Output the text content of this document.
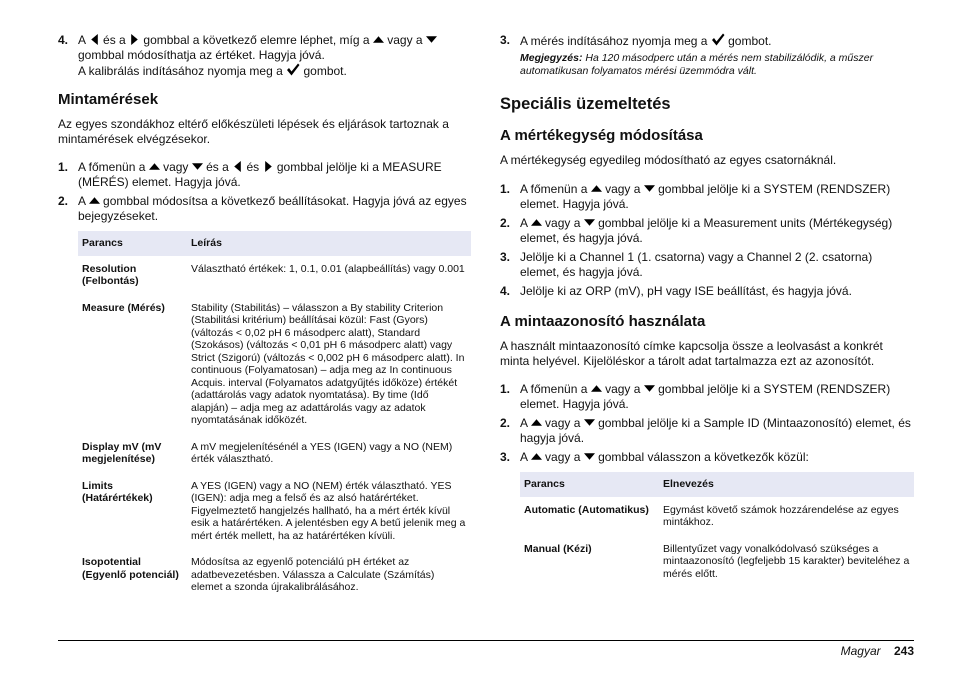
4. A és a gombbal a következő elemre léphet, míg a vagy a
gombbal módosíthatja az értéket. Hagyja jóvá.
A kalibrálás indításához nyomja meg a gombot.
Mintamérések

Az egyes szondákhoz eltérő előkészületi lépések és eljárások tartoznak a mintamérések elvégzésekor.

1. A főmenün a vagy és a és gombbal jelölje ki a MEASURE (MÉRÉS) elemet. Hagyja jóvá.
2. A gombbal módosítsa a következő beállításokat. Hagyja jóvá az egyes bejegyzéseket.
Parancs	Leírás
Resolution (Felbontás)	Választható értékek: 1, 0.1, 0.01 (alapbeállítás) vagy 0.001
Measure (Mérés)	Stability (Stabilitás) – válasszon a By stability Criterion (Stabilitási kritérium) beállításai közül: Fast (Gyors) (változás < 0,02 pH 6 másodperc alatt), Standard (Szokásos) (változás < 0,01 pH 6 másodperc alatt) vagy Strict (Szigorú) (változás < 0,002 pH 6 másodperc alatt). In continuous (Folyamatosan) – adja meg az In continuous Acquis. interval (Folyamatos adatgyűjtés időköze) értékét (adattárolás vagy adatok nyomtatása). By time (Idő alapján) – adja meg az adattárolás vagy az adatok nyomtatásának időközét.
Display mV (mV megjelenítése)	A mV megjelenítésénél a YES (IGEN) vagy a NO (NEM) érték választható.
Limits (Határértékek)	A YES (IGEN) vagy a NO (NEM) érték választható. YES (IGEN): adja meg a felső és az alsó határértéket. Figyelmeztető hangjelzés hallható, ha a mért érték kívül esik a határértéken. A jelentésben egy A betű jelenik meg a mért érték mellett, ha az határértéken kívüli.
Isopotential (Egyenlő potenciál)	Módosítsa az egyenlő potenciálú pH értéket az adatbevezetésben. Válassza a Calculate (Számítás) elemet a szonda újrakalibrálásához.
3. A mérés indításához nyomja meg a gombot.

Megjegyzés: Ha 120 másodperc után a mérés nem stabilizálódik, a műszer automatikusan folyamatos mérési üzemmódra vált.

Speciális üzemeltetés
A mértékegység módosítása

A mértékegység egyedileg módosítható az egyes csatornáknál.

1. A főmenün a vagy a gombbal jelölje ki a SYSTEM (RENDSZER) elemet. Hagyja jóvá.
2. A vagy a gombbal jelölje ki a Measurement units (Mértékegység) elemet, és hagyja jóvá.
3. Jelölje ki a Channel 1 (1. csatorna) vagy a Channel 2 (2. csatorna) elemet, és hagyja jóvá.
4. Jelölje ki az ORP (mV), pH vagy ISE beállítást, és hagyja jóvá.
A mintaazonosító használata

A használt mintaazonosító címke kapcsolja össze a leolvasást a konkrét minta helyével. Kijelöléskor a tárolt adat tartalmazza ezt az azonosítót.

1. A főmenün a vagy a gombbal jelölje ki a SYSTEM (RENDSZER) elemet. Hagyja jóvá.
2. A vagy a gombbal jelölje ki a Sample ID (Mintaazonosító) elemet, és hagyja jóvá.
3. A vagy a gombbal válasszon a következők közül:
Parancs	Elnevezés
Automatic (Automatikus)	Egymást követő számok hozzárendelése az egyes mintákhoz.
Manual (Kézi)	Billentyűzet vagy vonalkódolvasó szükséges a mintaazonosító (legfeljebb 15 karakter) beviteléhez a mérés előtt.
Magyar 243
